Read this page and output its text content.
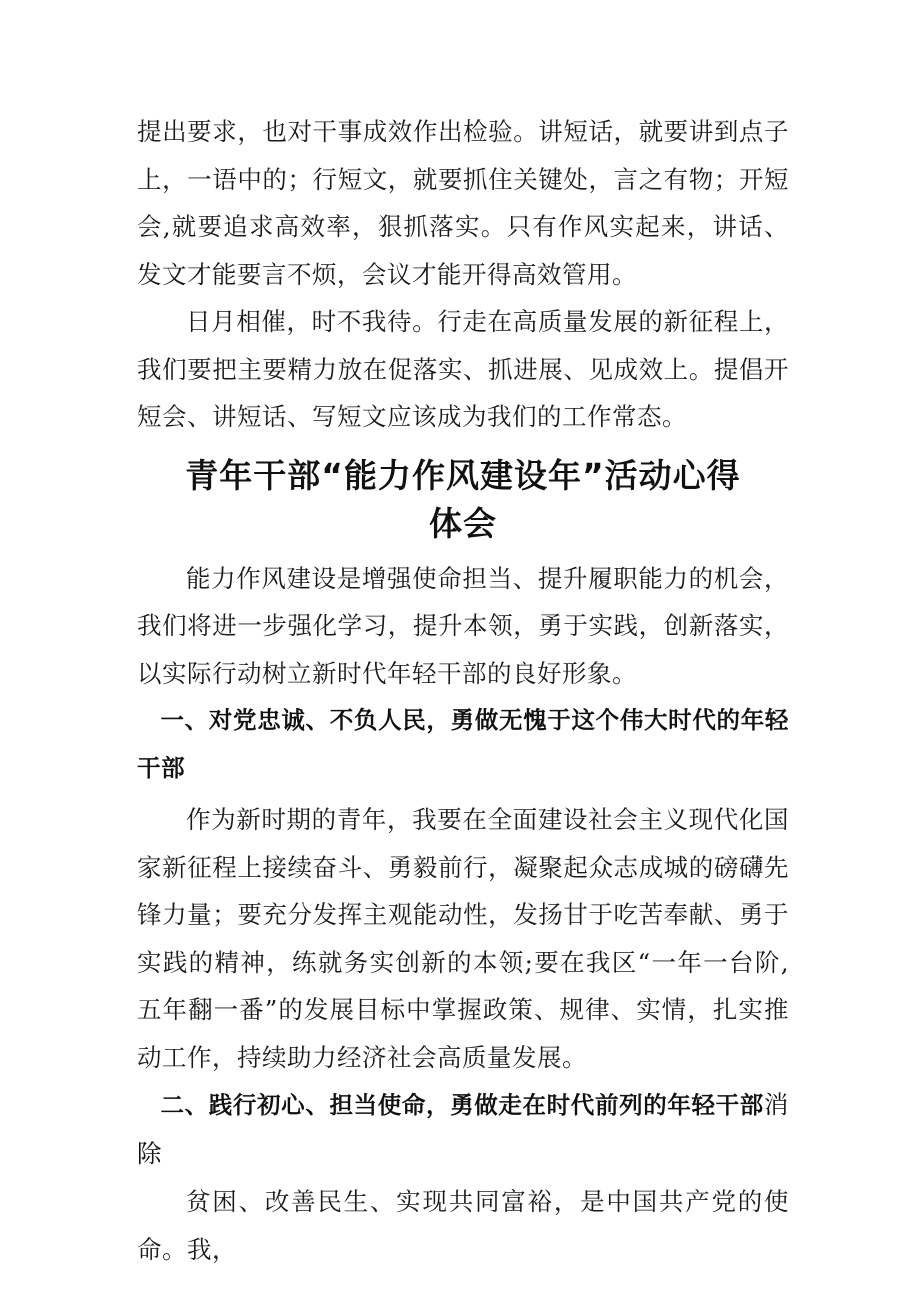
提出要求，也对干事成效作出检验。讲短话，就要讲到点子上，一语中的；行短文，就要抓住关键处，言之有物；开短会,就要追求高效率，狠抓落实。只有作风实起来，讲话、发文才能要言不烦，会议才能开得高效管用。

日月相催，时不我待。行走在高质量发展的新征程上，我们要把主要精力放在促落实、抓进展、见成效上。提倡开短会、讲短话、写短文应该成为我们的工作常态。

青年干部“能力作风建设年”活动心得
体会

能力作风建设是增强使命担当、提升履职能力的机会，我们将进一步强化学习，提升本领，勇于实践，创新落实，以实际行动树立新时代年轻干部的良好形象。

一、对党忠诚、不负人民，勇做无愧于这个伟大时代的年轻干部

作为新时期的青年，我要在全面建设社会主义现代化国家新征程上接续奋斗、勇毅前行，凝聚起众志成城的磅礴先锋力量；要充分发挥主观能动性，发扬甘于吃苦奉献、勇于实践的精神，练就务实创新的本领;要在我区“一年一台阶,五年翻一番”的发展目标中掌握政策、规律、实情，扎实推动工作，持续助力经济社会高质量发展。

二、践行初心、担当使命，勇做走在时代前列的年轻干部消除

贫困、改善民生、实现共同富裕，是中国共产党的使命。我，
